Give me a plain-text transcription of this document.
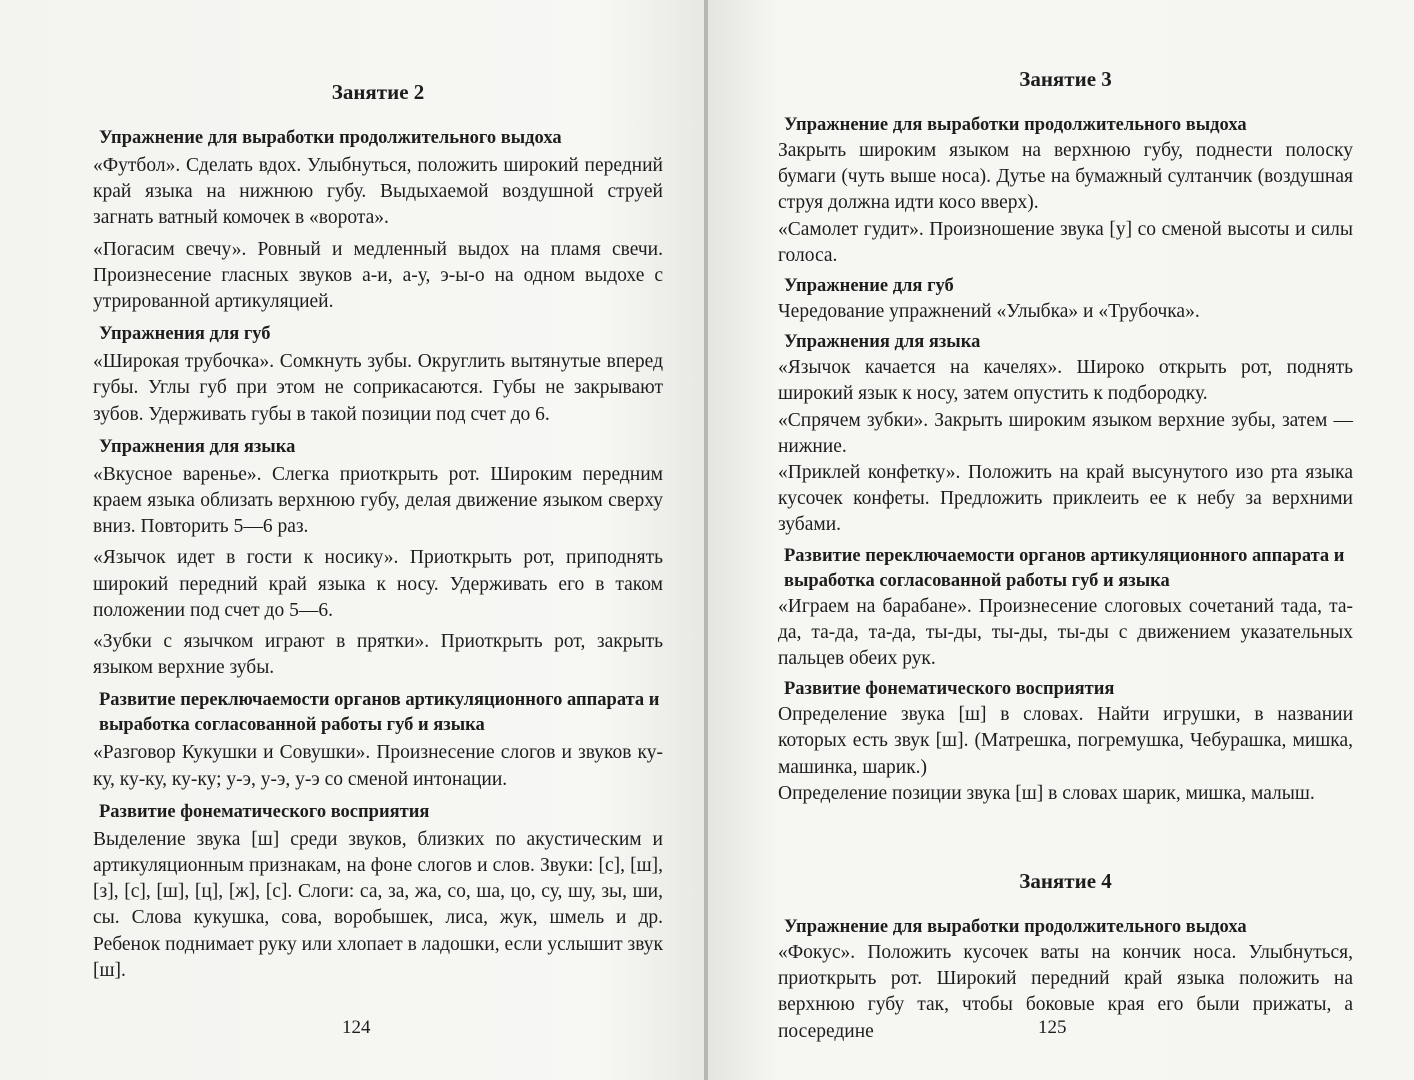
Занятие 2
Упражнение для выработки продолжительного выдоха

«Футбол». Сделать вдох. Улыбнуться, положить широкий передний край языка на нижнюю губу. Выдыхаемой воздушной струей загнать ватный комочек в «ворота».

«Погасим свечу». Ровный и медленный выдох на пламя свечи. Произнесение гласных звуков а-и, а-у, э-ы-о на одном выдохе с утрированной артикуляцией.

Упражнения для губ

«Широкая трубочка». Сомкнуть зубы. Округлить вытянутые вперед губы. Углы губ при этом не соприкасаются. Губы не закрывают зубов. Удерживать губы в такой позиции под счет до 6.

Упражнения для языка

«Вкусное варенье». Слегка приоткрыть рот. Широким передним краем языка облизать верхнюю губу, делая движение языком сверху вниз. Повторить 5—6 раз.

«Язычок идет в гости к носику». Приоткрыть рот, приподнять широкий передний край языка к носу. Удерживать его в таком положении под счет до 5—6.

«Зубки с язычком играют в прятки». Приоткрыть рот, закрыть языком верхние зубы.

Развитие переключаемости органов артикуляционного аппарата и выработка согласованной работы губ и языка

«Разговор Кукушки и Совушки». Произнесение слогов и звуков ку-ку, ку-ку, ку-ку; у-э, у-э, у-э со сменой интонации.

Развитие фонематического восприятия

Выделение звука [ш] среди звуков, близких по акустическим и артикуляционным признакам, на фоне слогов и слов. Звуки: [с], [ш], [з], [с], [ш], [ц], [ж], [с]. Слоги: са, за, жа, со, ша, цо, су, шу, зы, ши, сы. Слова кукушка, сова, воробышек, лиса, жук, шмель и др. Ребенок поднимает руку или хлопает в ладошки, если услышит звук [ш].

124
Занятие 3
Упражнение для выработки продолжительного выдоха

Закрыть широким языком на верхнюю губу, поднести полоску бумаги (чуть выше носа). Дутье на бумажный султанчик (воздушная струя должна идти косо вверх).

«Самолет гудит». Произношение звука [у] со сменой высоты и силы голоса.

Упражнение для губ

Чередование упражнений «Улыбка» и «Трубочка».

Упражнения для языка

«Язычок качается на качелях». Широко открыть рот, поднять широкий язык к носу, затем опустить к подбородку.

«Спрячем зубки». Закрыть широким языком верхние зубы, затем — нижние.

«Приклей конфетку». Положить на край высунутого изо рта языка кусочек конфеты. Предложить приклеить ее к небу за верхними зубами.

Развитие переключаемости органов артикуляционного аппарата и выработка согласованной работы губ и языка

«Играем на барабане». Произнесение слоговых сочетаний тада, та-да, та-да, та-да, ты-ды, ты-ды, ты-ды с движением указательных пальцев обеих рук.

Развитие фонематического восприятия

Определение звука [ш] в словах. Найти игрушки, в названии которых есть звук [ш]. (Матрешка, погремушка, Чебурашка, мишка, машинка, шарик.)

Определение позиции звука [ш] в словах шарик, мишка, малыш.

Занятие 4
Упражнение для выработки продолжительного выдоха

«Фокус». Положить кусочек ваты на кончик носа. Улыбнуться, приоткрыть рот. Широкий передний край языка положить на верхнюю губу так, чтобы боковые края его были прижаты, а посередине	125
